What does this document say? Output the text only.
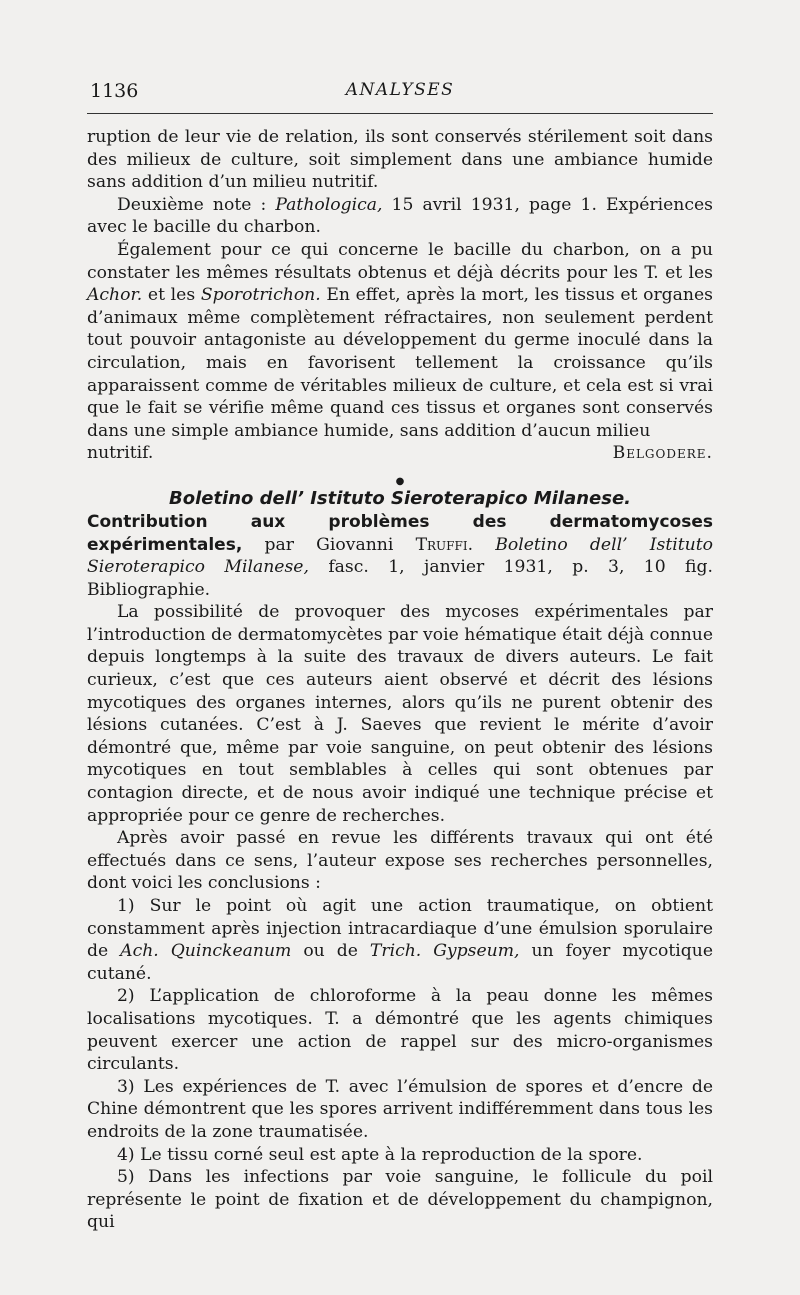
1136	ANALYSES

ruption de leur vie de relation, ils sont conservés stérilement soit dans des milieux de culture, soit simplement dans une ambiance humide sans addition d’un milieu nutritif.

Deuxième note : Pathologica, 15 avril 1931, page 1. Expériences avec le bacille du charbon.

Également pour ce qui concerne le bacille du charbon, on a pu constater les mêmes résultats obtenus et déjà décrits pour les T. et les Achor. et les Sporotrichon. En effet, après la mort, les tissus et organes d’animaux même complètement réfractaires, non seulement perdent tout pouvoir antagoniste au développement du germe inoculé dans la circulation, mais en favorisent tellement la croissance qu’ils apparaissent comme de véritables milieux de culture, et cela est si vrai que le fait se vérifie même quand ces tissus et organes sont conservés dans une simple ambiance humide, sans addition d’aucun milieu

nutritif.	Belgodere.

●
Boletino dell’ Istituto Sieroterapico Milanese.

Contribution aux problèmes des dermatomycoses expérimentales, par Giovanni Truffi. Boletino dell’ Istituto Sieroterapico Milanese, fasc. 1, janvier 1931, p. 3, 10 fig. Bibliographie.

La possibilité de provoquer des mycoses expérimentales par l’introduction de dermatomycètes par voie hématique était déjà connue depuis longtemps à la suite des travaux de divers auteurs. Le fait curieux, c’est que ces auteurs aient observé et décrit des lésions mycotiques des organes internes, alors qu’ils ne purent obtenir des lésions cutanées. C’est à J. Saeves que revient le mérite d’avoir démontré que, même par voie sanguine, on peut obtenir des lésions mycotiques en tout semblables à celles qui sont obtenues par contagion directe, et de nous avoir indiqué une technique précise et appropriée pour ce genre de recherches.

Après avoir passé en revue les différents travaux qui ont été effectués dans ce sens, l’auteur expose ses recherches personnelles, dont voici les conclusions :

1) Sur le point où agit une action traumatique, on obtient constamment après injection intracardiaque d’une émulsion sporulaire de Ach. Quinckeanum ou de Trich. Gypseum, un foyer mycotique cutané.

2) L’application de chloroforme à la peau donne les mêmes localisations mycotiques. T. a démontré que les agents chimiques peuvent exercer une action de rappel sur des micro-organismes circulants.

3) Les expériences de T. avec l’émulsion de spores et d’encre de Chine démontrent que les spores arrivent indifféremment dans tous les endroits de la zone traumatisée.

4) Le tissu corné seul est apte à la reproduction de la spore.

5) Dans les infections par voie sanguine, le follicule du poil représente le point de fixation et de développement du champignon, qui
